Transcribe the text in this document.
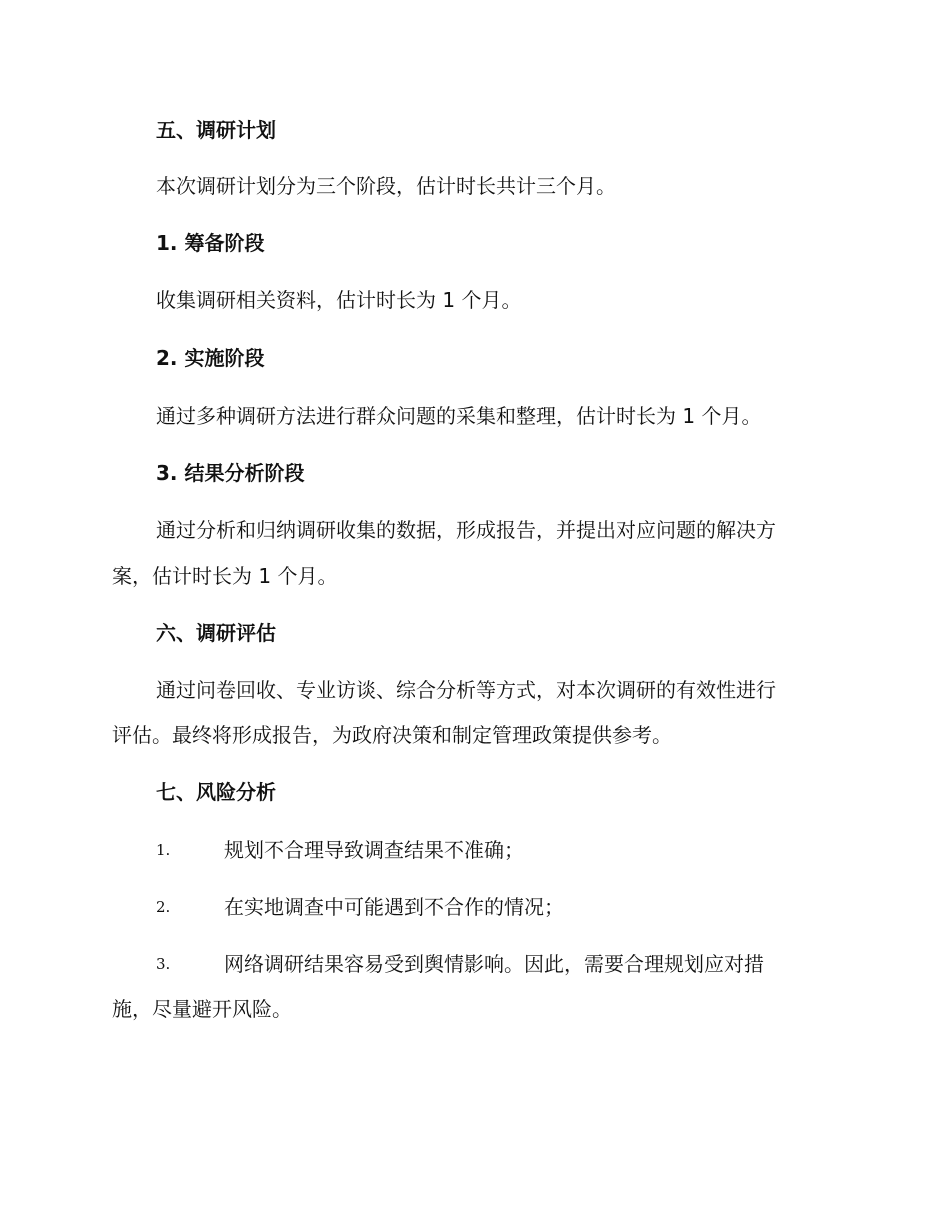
五、调研计划
本次调研计划分为三个阶段，估计时长共计三个月。
1. 筹备阶段
收集调研相关资料，估计时长为 1 个月。
2. 实施阶段
通过多种调研方法进行群众问题的采集和整理，估计时长为 1 个月。
3. 结果分析阶段
通过分析和归纳调研收集的数据，形成报告，并提出对应问题的解决方
案，估计时长为 1 个月。
六、调研评估
通过问卷回收、专业访谈、综合分析等方式，对本次调研的有效性进行
评估。最终将形成报告，为政府决策和制定管理政策提供参考。
七、风险分析
1.	规划不合理导致调查结果不准确；
2.	在实地调查中可能遇到不合作的情况；
3.	网络调研结果容易受到舆情影响。因此，需要合理规划应对措
施，尽量避开风险。
